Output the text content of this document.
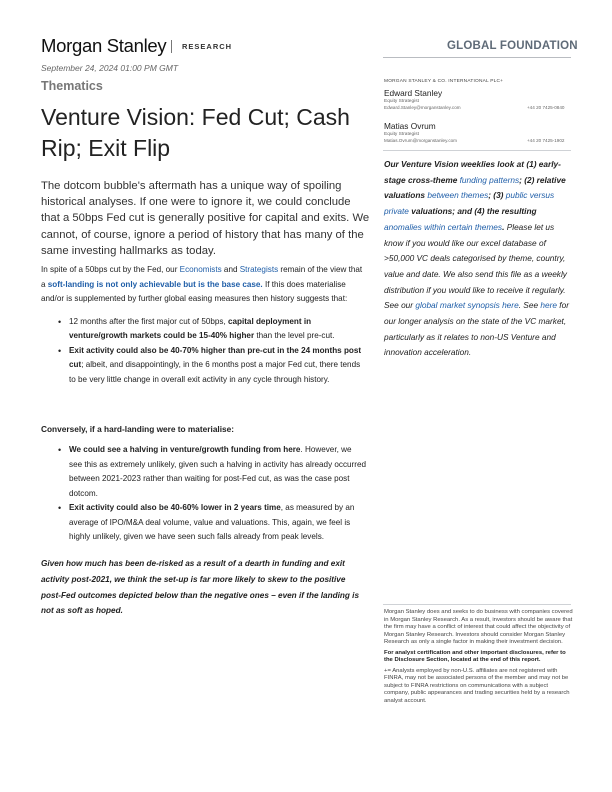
Morgan Stanley RESEARCH	GLOBAL FOUNDATION
September 24, 2024 01:00 PM GMT
Thematics
Venture Vision: Fed Cut; Cash Rip; Exit Flip
The dotcom bubble's aftermath has a unique way of spoiling historical analyses. If one were to ignore it, we could conclude that a 50bps Fed cut is generally positive for capital and exits. We cannot, of course, ignore a period of history that has many of the same investing hallmarks as today.

In spite of a 50bps cut by the Fed, our Economists and Strategists remain of the view that a soft-landing is not only achievable but is the base case. If this does materialise and/or is supplemented by further global easing measures then history suggests that:

• 12 months after the first major cut of 50bps, capital deployment in venture/growth markets could be 15-40% higher than the level pre-cut.
• Exit activity could also be 40-70% higher than pre-cut in the 24 months post cut; albeit, and disappointingly, in the 6 months post a major Fed cut, there tends to be very little change in overall exit activity in any cycle through history.
Conversely, if a hard-landing were to materialise:
• We could see a halving in venture/growth funding from here. However, we see this as extremely unlikely, given such a halving in activity has already occurred between 2021-2023 rather than waiting for post-Fed cut, as was the case post dotcom.
• Exit activity could also be 40-60% lower in 2 years time, as measured by an average of IPO/M&A deal volume, value and valuations. This, again, we feel is highly unlikely, given we have seen such falls already from peak levels.
Given how much has been de-risked as a result of a dearth in funding and exit activity post-2021, we think the set-up is far more likely to skew to the positive post-Fed outcomes depicted below than the negative ones – even if the landing is not as soft as hoped.
MORGAN STANLEY & CO. INTERNATIONAL PLC+
Edward Stanley
Equity Strategist
Edward.Stanley@morganstanley.com	+44 20 7425-0840
Matias Ovrum
Equity Strategist
Matias.Ovrum@morganstanley.com	+44 20 7425-1902
Our Venture Vision weeklies look at (1) early-stage cross-theme funding patterns; (2) relative valuations between themes; (3) public versus private valuations; and (4) the resulting anomalies within certain themes. Please let us know if you would like our excel database of >50,000 VC deals categorised by theme, country, value and date. We also send this file as a weekly distribution if you would like to receive it regularly. See our global market synopsis here. See here for our longer analysis on the state of the VC market, particularly as it relates to non-US Venture and innovation acceleration.

Morgan Stanley does and seeks to do business with companies covered in Morgan Stanley Research. As a result, investors should be aware that the firm may have a conflict of interest that could affect the objectivity of Morgan Stanley Research. Investors should consider Morgan Stanley Research as only a single factor in making their investment decision.

For analyst certification and other important disclosures, refer to the Disclosure Section, located at the end of this report.

+= Analysts employed by non-U.S. affiliates are not registered with FINRA, may not be associated persons of the member and may not be subject to FINRA restrictions on communications with a subject company, public appearances and trading securities held by a research analyst account.
